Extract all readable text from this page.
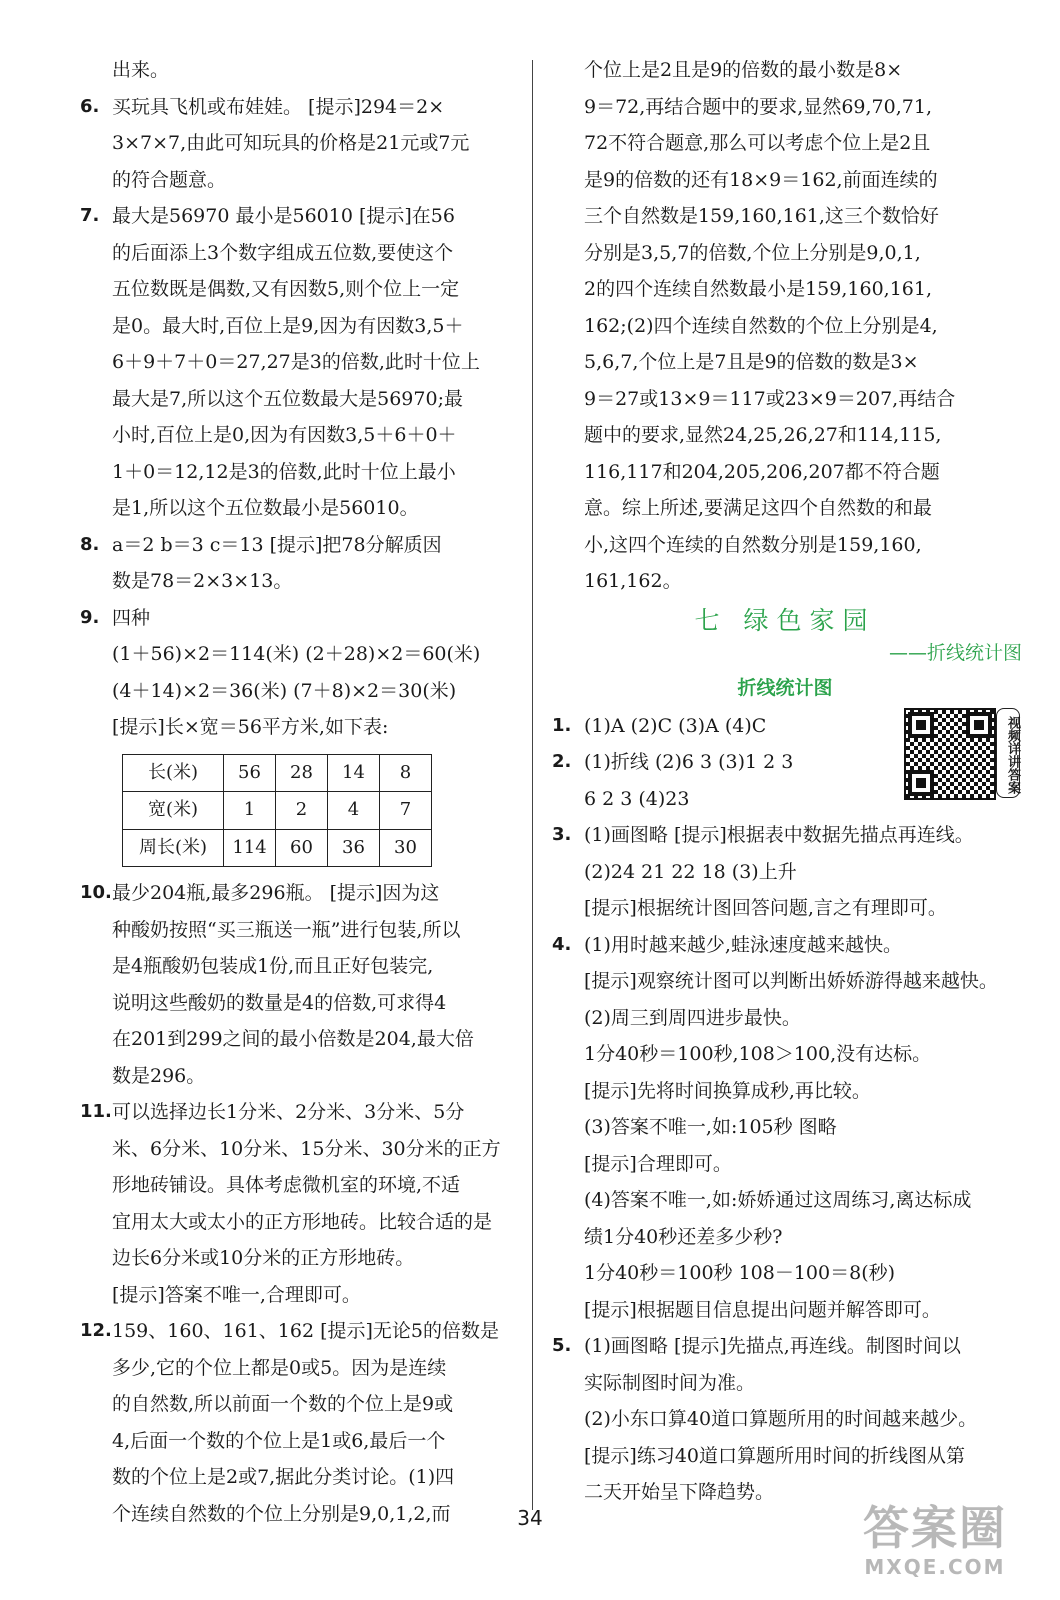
出来。
6. 买玩具飞机或布娃娃。 [提示]294＝2×
3×7×7,由此可知玩具的价格是21元或7元
的符合题意。
7. 最大是56970 最小是56010 [提示]在56
的后面添上3个数字组成五位数,要使这个
五位数既是偶数,又有因数5,则个位上一定
是0。最大时,百位上是9,因为有因数3,5＋
6＋9＋7＋0＝27,27是3的倍数,此时十位上
最大是7,所以这个五位数最大是56970;最
小时,百位上是0,因为有因数3,5＋6＋0＋
1＋0＝12,12是3的倍数,此时十位上最小
是1,所以这个五位数最小是56010。
8. a＝2 b＝3 c＝13 [提示]把78分解质因
数是78＝2×3×13。
9. 四种
(1＋56)×2＝114(米) (2＋28)×2＝60(米)
(4＋14)×2＝36(米) (7＋8)×2＝30(米)
[提示]长×宽＝56平方米,如下表:
长(米)	56	28	14	8
宽(米)	1	2	4	7
周长(米)	114	60	36	30
10. 最少204瓶,最多296瓶。 [提示]因为这
种酸奶按照“买三瓶送一瓶”进行包装,所以
是4瓶酸奶包装成1份,而且正好包装完,
说明这些酸奶的数量是4的倍数,可求得4
在201到299之间的最小倍数是204,最大倍
数是296。
11. 可以选择边长1分米、2分米、3分米、5分
米、6分米、10分米、15分米、30分米的正方
形地砖铺设。具体考虑微机室的环境,不适
宜用太大或太小的正方形地砖。比较合适的是
边长6分米或10分米的正方形地砖。
[提示]答案不唯一,合理即可。
12. 159、160、161、162 [提示]无论5的倍数是
多少,它的个位上都是0或5。因为是连续
的自然数,所以前面一个数的个位上是9或
4,后面一个数的个位上是1或6,最后一个
数的个位上是2或7,据此分类讨论。(1)四
个连续自然数的个位上分别是9,0,1,2,而
个位上是2且是9的倍数的最小数是8×
9＝72,再结合题中的要求,显然69,70,71,
72不符合题意,那么可以考虑个位上是2且
是9的倍数的还有18×9＝162,前面连续的
三个自然数是159,160,161,这三个数恰好
分别是3,5,7的倍数,个位上分别是9,0,1,
2的四个连续自然数最小是159,160,161,
162;(2)四个连续自然数的个位上分别是4,
5,6,7,个位上是7且是9的倍数的数是3×
9＝27或13×9＝117或23×9＝207,再结合
题中的要求,显然24,25,26,27和114,115,
116,117和204,205,206,207都不符合题
意。综上所述,要满足这四个自然数的和最
小,这四个连续的自然数分别是159,160,
161,162。
七 绿色家园
——折线统计图
折线统计图
视频详讲答案
1. (1)A (2)C (3)A (4)C
2. (1)折线 (2)6 3 (3)1 2 3
6 2 3 (4)23
3. (1)画图略 [提示]根据表中数据先描点再连线。
(2)24 21 22 18 (3)上升
[提示]根据统计图回答问题,言之有理即可。
4. (1)用时越来越少,蛙泳速度越来越快。
[提示]观察统计图可以判断出娇娇游得越来越快。
(2)周三到周四进步最快。
1分40秒＝100秒,108＞100,没有达标。
[提示]先将时间换算成秒,再比较。
(3)答案不唯一,如:105秒 图略
[提示]合理即可。
(4)答案不唯一,如:娇娇通过这周练习,离达标成
绩1分40秒还差多少秒?
1分40秒＝100秒 108－100＝8(秒)
[提示]根据题目信息提出问题并解答即可。
5. (1)画图略 [提示]先描点,再连线。制图时间以
实际制图时间为准。
(2)小东口算40道口算题所用的时间越来越少。
[提示]练习40道口算题所用时间的折线图从第
二天开始呈下降趋势。
34	答案圈
MXQE.COM
